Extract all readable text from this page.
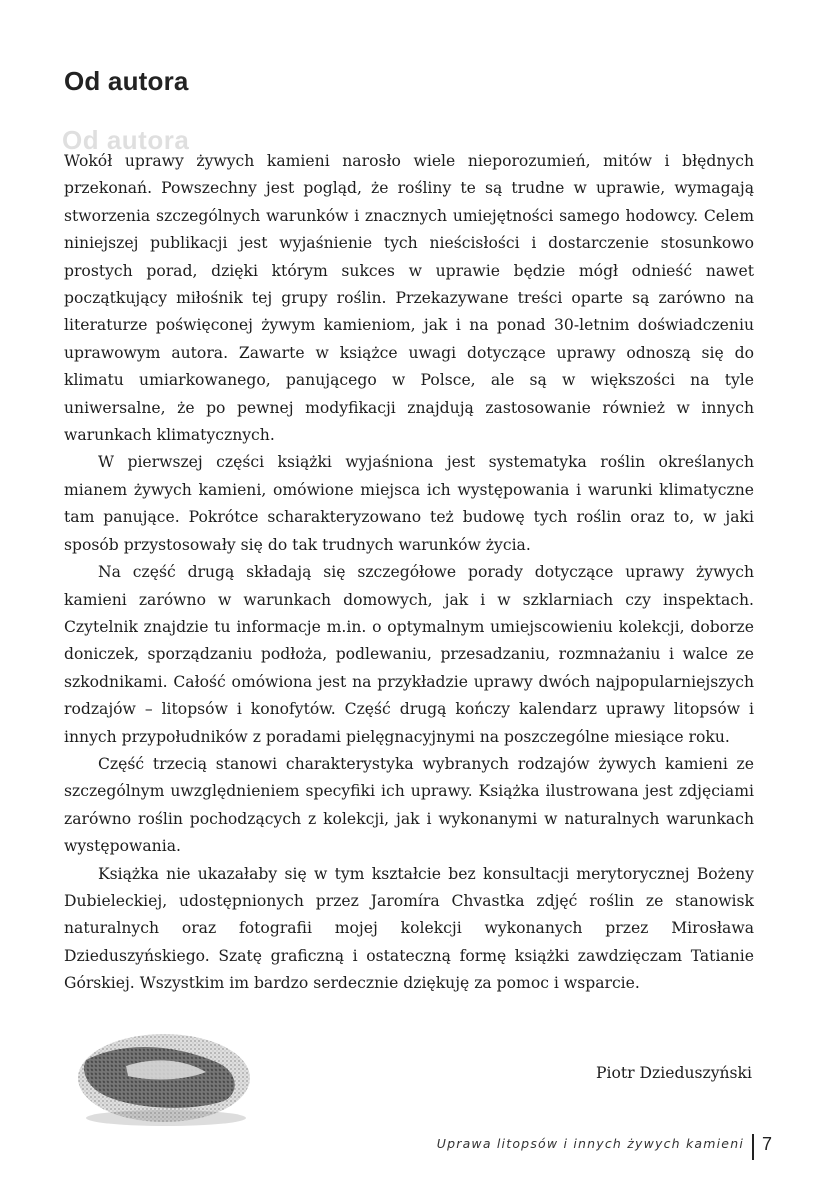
Od autora
Od autora

Wokół uprawy żywych kamieni narosło wiele nieporozumień, mitów i błędnych przekonań. Powszechny jest pogląd, że rośliny te są trudne w uprawie, wymagają stworzenia szczególnych warunków i znacznych umiejętności samego hodowcy. Celem niniejszej publikacji jest wyjaśnienie tych nieścisłości i dostarczenie stosunkowo prostych porad, dzięki którym sukces w uprawie będzie mógł odnieść nawet początkujący miłośnik tej grupy roślin. Przekazywane treści oparte są zarówno na literaturze poświęconej żywym kamieniom, jak i na ponad 30-letnim doświadczeniu uprawowym autora. Zawarte w książce uwagi dotyczące uprawy odnoszą się do klimatu umiarkowanego, panującego w Polsce, ale są w większości na tyle uniwersalne, że po pewnej modyfikacji znajdują zastosowanie również w innych warunkach klimatycznych.

W pierwszej części książki wyjaśniona jest systematyka roślin określanych mianem żywych kamieni, omówione miejsca ich występowania i warunki klimatyczne tam panujące. Pokrótce scharakteryzowano też budowę tych roślin oraz to, w jaki sposób przystosowały się do tak trudnych warunków życia.

Na część drugą składają się szczegółowe porady dotyczące uprawy żywych kamieni zarówno w warunkach domowych, jak i w szklarniach czy inspektach. Czytelnik znajdzie tu informacje m.in. o optymalnym umiejscowieniu kolekcji, doborze doniczek, sporządzaniu podłoża, podlewaniu, przesadzaniu, rozmnażaniu i walce ze szkodnikami. Całość omówiona jest na przykładzie uprawy dwóch najpopularniejszych rodzajów – litopsów i konofytów. Część drugą kończy kalendarz uprawy litopsów i innych przypołudników z poradami pielęgnacyjnymi na poszczególne miesiące roku.

Część trzecią stanowi charakterystyka wybranych rodzajów żywych kamieni ze szczególnym uwzględnieniem specyfiki ich uprawy. Książka ilustrowana jest zdjęciami zarówno roślin pochodzących z kolekcji, jak i wykonanymi w naturalnych warunkach występowania.

Książka nie ukazałaby się w tym kształcie bez konsultacji merytorycznej Bożeny Dubieleckiej, udostępnionych przez Jaromíra Chvastka zdjęć roślin ze stanowisk naturalnych oraz fotografii mojej kolekcji wykonanych przez Mirosława Dzieduszyńskiego. Szatę graficzną i ostateczną formę książki zawdzięczam Tatianie Górskiej. Wszystkim im bardzo serdecznie dziękuję za pomoc i wsparcie.

Piotr Dzieduszyński
Uprawa litopsów i innych żywych kamieni 7
